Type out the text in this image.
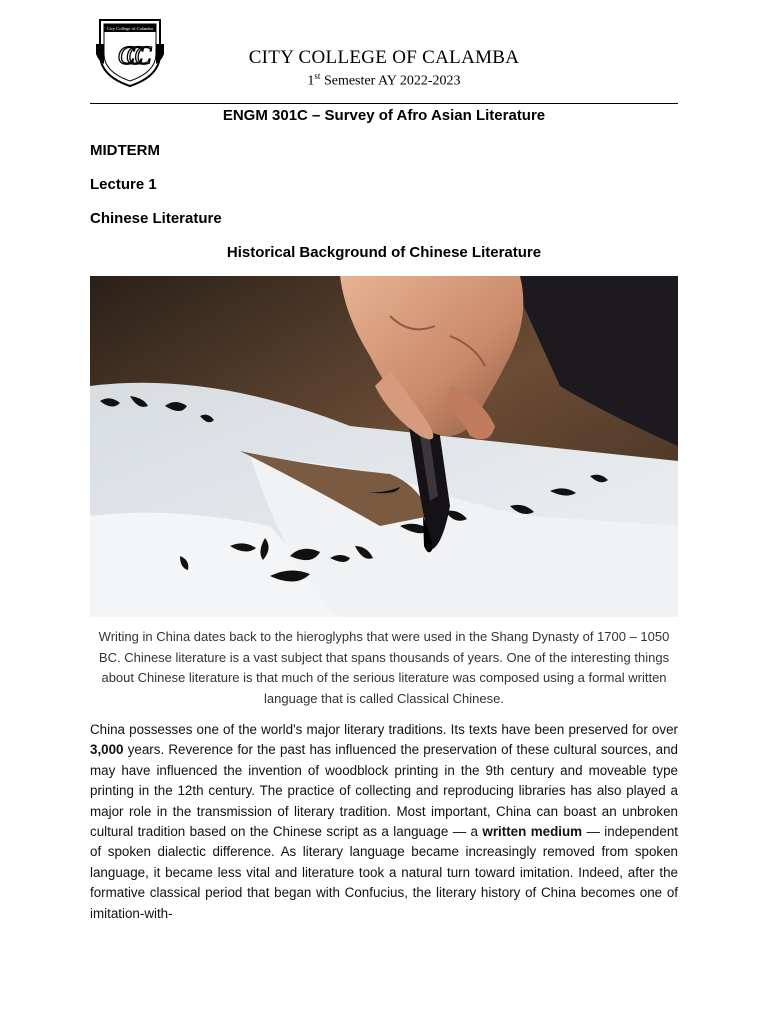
City College of Calamba
CCC	CITY COLLEGE OF CALAMBA
1st Semester AY 2022-2023
ENGM 301C – Survey of Afro Asian Literature
MIDTERM
Lecture 1
Chinese Literature
Historical Background of Chinese Literature
Writing in China dates back to the hieroglyphs that were used in the Shang Dynasty of 1700 – 1050 BC. Chinese literature is a vast subject that spans thousands of years. One of the interesting things about Chinese literature is that much of the serious literature was composed using a formal written language that is called Classical Chinese.
China possesses one of the world's major literary traditions. Its texts have been preserved for over 3,000 years. Reverence for the past has influenced the preservation of these cultural sources, and may have influenced the invention of woodblock printing in the 9th century and moveable type printing in the 12th century. The practice of collecting and reproducing libraries has also played a major role in the transmission of literary tradition. Most important, China can boast an unbroken cultural tradition based on the Chinese script as a language — a written medium — independent of spoken dialectic difference. As literary language became increasingly removed from spoken language, it became less vital and literature took a natural turn toward imitation. Indeed, after the formative classical period that began with Confucius, the literary history of China becomes one of imitation-with-
